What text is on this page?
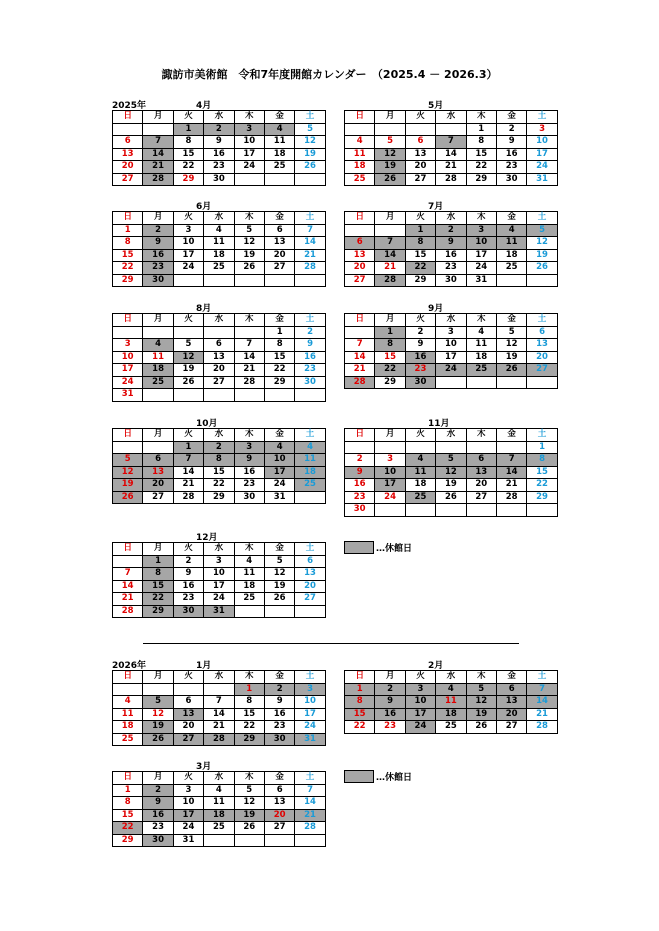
諏訪市美術館　令和7年度開館カレンダー　（2025.4 － 2026.3）
2025年
2026年
4月
日	月	火	水	木	金	土
		1	2	3	4	5
6	7	8	9	10	11	12
13	14	15	16	17	18	19
20	21	22	23	24	25	26
27	28	29	30			
5月
日	月	火	水	木	金	土
				1	2	3
4	5	6	7	8	9	10
11	12	13	14	15	16	17
18	19	20	21	22	23	24
25	26	27	28	29	30	31
6月
日	月	火	水	木	金	土
1	2	3	4	5	6	7
8	9	10	11	12	13	14
15	16	17	18	19	20	21
22	23	24	25	26	27	28
29	30					
7月
日	月	火	水	木	金	土
		1	2	3	4	5
6	7	8	9	10	11	12
13	14	15	16	17	18	19
20	21	22	23	24	25	26
27	28	29	30	31		
8月
日	月	火	水	木	金	土
					1	2
3	4	5	6	7	8	9
10	11	12	13	14	15	16
17	18	19	20	21	22	23
24	25	26	27	28	29	30
31						
9月
日	月	火	水	木	金	土
	1	2	3	4	5	6
7	8	9	10	11	12	13
14	15	16	17	18	19	20
21	22	23	24	25	26	27
28	29	30				
10月
日	月	火	水	木	金	土
		1	2	3	4	4
5	6	7	8	9	10	11
12	13	14	15	16	17	18
19	20	21	22	23	24	25
26	27	28	29	30	31	
11月
日	月	火	水	木	金	土
						1
2	3	4	5	6	7	8
9	10	11	12	13	14	15
16	17	18	19	20	21	22
23	24	25	26	27	28	29
30						
12月
日	月	火	水	木	金	土
	1	2	3	4	5	6
7	8	9	10	11	12	13
14	15	16	17	18	19	20
21	22	23	24	25	26	27
28	29	30	31			
…休館日
1月
日	月	火	水	木	金	土
				1	2	3
4	5	6	7	8	9	10
11	12	13	14	15	16	17
18	19	20	21	22	23	24
25	26	27	28	29	30	31
2月
日	月	火	水	木	金	土
1	2	3	4	5	6	7
8	9	10	11	12	13	14
15	16	17	18	19	20	21
22	23	24	25	26	27	28
3月
日	月	火	水	木	金	土
1	2	3	4	5	6	7
8	9	10	11	12	13	14
15	16	17	18	19	20	21
22	23	24	25	26	27	28
29	30	31				
…休館日
